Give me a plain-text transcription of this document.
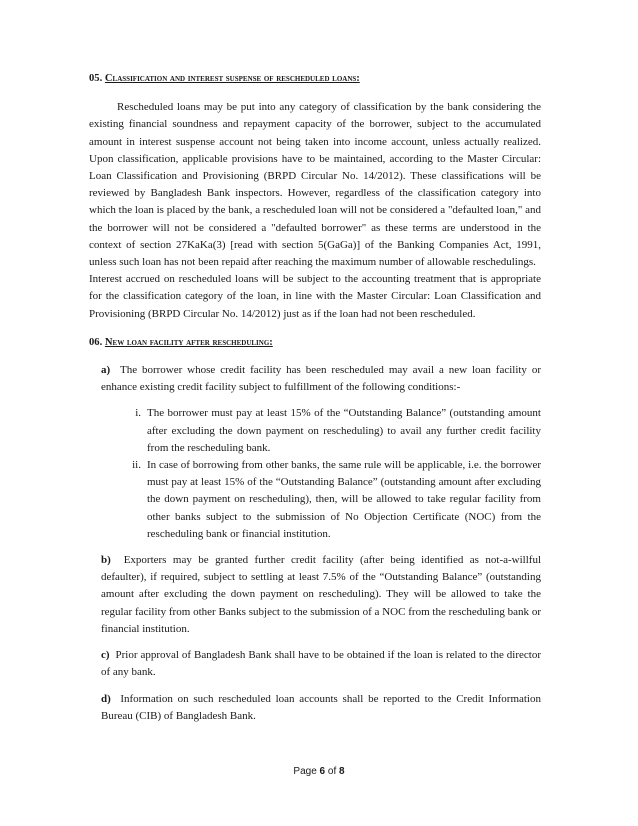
05. Classification and interest suspense of rescheduled loans:

Rescheduled loans may be put into any category of classification by the bank considering the existing financial soundness and repayment capacity of the borrower, subject to the accumulated amount in interest suspense account not being taken into income account, unless actually realized. Upon classification, applicable provisions have to be maintained, according to the Master Circular: Loan Classification and Provisioning (BRPD Circular No. 14/2012). These classifications will be reviewed by Bangladesh Bank inspectors. However, regardless of the classification category into which the loan is placed by the bank, a rescheduled loan will not be considered a "defaulted loan," and the borrower will not be considered a "defaulted borrower" as these terms are understood in the context of section 27KaKa(3) [read with section 5(GaGa)] of the Banking Companies Act, 1991, unless such loan has not been repaid after reaching the maximum number of allowable reschedulings.

Interest accrued on rescheduled loans will be subject to the accounting treatment that is appropriate for the classification category of the loan, in line with the Master Circular: Loan Classification and Provisioning (BRPD Circular No. 14/2012) just as if the loan had not been rescheduled.

06. New loan facility after rescheduling:

a) The borrower whose credit facility has been rescheduled may avail a new loan facility or enhance existing credit facility subject to fulfillment of the following conditions:-
i. The borrower must pay at least 15% of the “Outstanding Balance” (outstanding amount after excluding the down payment on rescheduling) to avail any further credit facility from the rescheduling bank.
ii. In case of borrowing from other banks, the same rule will be applicable, i.e. the borrower must pay at least 15% of the “Outstanding Balance” (outstanding amount after excluding the down payment on rescheduling), then, will be allowed to take regular facility from other banks subject to the submission of No Objection Certificate (NOC) from the rescheduling bank or financial institution.
b) Exporters may be granted further credit facility (after being identified as not-a-willful defaulter), if required, subject to settling at least 7.5% of the “Outstanding Balance” (outstanding amount after excluding the down payment on rescheduling). They will be allowed to take the regular facility from other Banks subject to the submission of a NOC from the rescheduling bank or financial institution.
c) Prior approval of Bangladesh Bank shall have to be obtained if the loan is related to the director of any bank.
d) Information on such rescheduled loan accounts shall be reported to the Credit Information Bureau (CIB) of Bangladesh Bank.
Page 6 of 8
